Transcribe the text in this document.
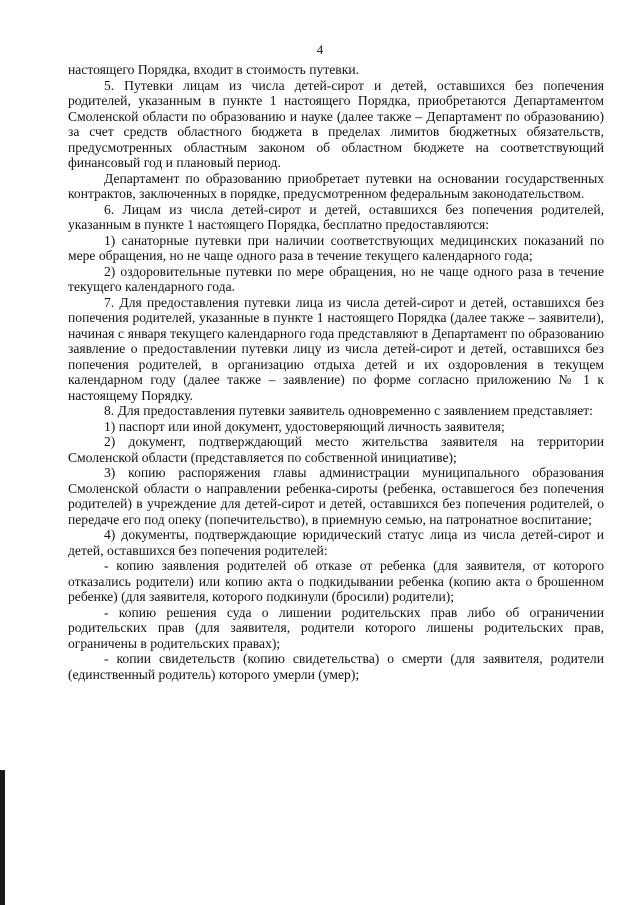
4

настоящего Порядка, входит в стоимость путевки.

5. Путевки лицам из числа детей-сирот и детей, оставшихся без попечения родителей, указанным в пункте 1 настоящего Порядка, приобретаются Департаментом Смоленской области по образованию и науке (далее также – Департамент по образованию) за счет средств областного бюджета в пределах лимитов бюджетных обязательств, предусмотренных областным законом об областном бюджете на соответствующий финансовый год и плановый период.

Департамент по образованию приобретает путевки на основании государственных контрактов, заключенных в порядке, предусмотренном федеральным законодательством.

6. Лицам из числа детей-сирот и детей, оставшихся без попечения родителей, указанным в пункте 1 настоящего Порядка, бесплатно предоставляются:

1) санаторные путевки при наличии соответствующих медицинских показаний по мере обращения, но не чаще одного раза в течение текущего календарного года;

2) оздоровительные путевки по мере обращения, но не чаще одного раза в течение текущего календарного года.

7. Для предоставления путевки лица из числа детей-сирот и детей, оставшихся без попечения родителей, указанные в пункте 1 настоящего Порядка (далее также – заявители), начиная с января текущего календарного года представляют в Департамент по образованию заявление о предоставлении путевки лицу из числа детей-сирот и детей, оставшихся без попечения родителей, в организацию отдыха детей и их оздоровления в текущем календарном году (далее также – заявление) по форме согласно приложению № 1 к настоящему Порядку.

8. Для предоставления путевки заявитель одновременно с заявлением представляет:

1) паспорт или иной документ, удостоверяющий личность заявителя;

2) документ, подтверждающий место жительства заявителя на территории Смоленской области (представляется по собственной инициативе);

3) копию распоряжения главы администрации муниципального образования Смоленской области о направлении ребенка-сироты (ребенка, оставшегося без попечения родителей) в учреждение для детей-сирот и детей, оставшихся без попечения родителей, о передаче его под опеку (попечительство), в приемную семью, на патронатное воспитание;

4) документы, подтверждающие юридический статус лица из числа детей-сирот и детей, оставшихся без попечения родителей:

- копию заявления родителей об отказе от ребенка (для заявителя, от которого отказались родители) или копию акта о подкидывании ребенка (копию акта о брошенном ребенке) (для заявителя, которого подкинули (бросили) родители);

- копию решения суда о лишении родительских прав либо об ограничении родительских прав (для заявителя, родители которого лишены родительских прав, ограничены в родительских правах);

- копии свидетельств (копию свидетельства) о смерти (для заявителя, родители (единственный родитель) которого умерли (умер);
